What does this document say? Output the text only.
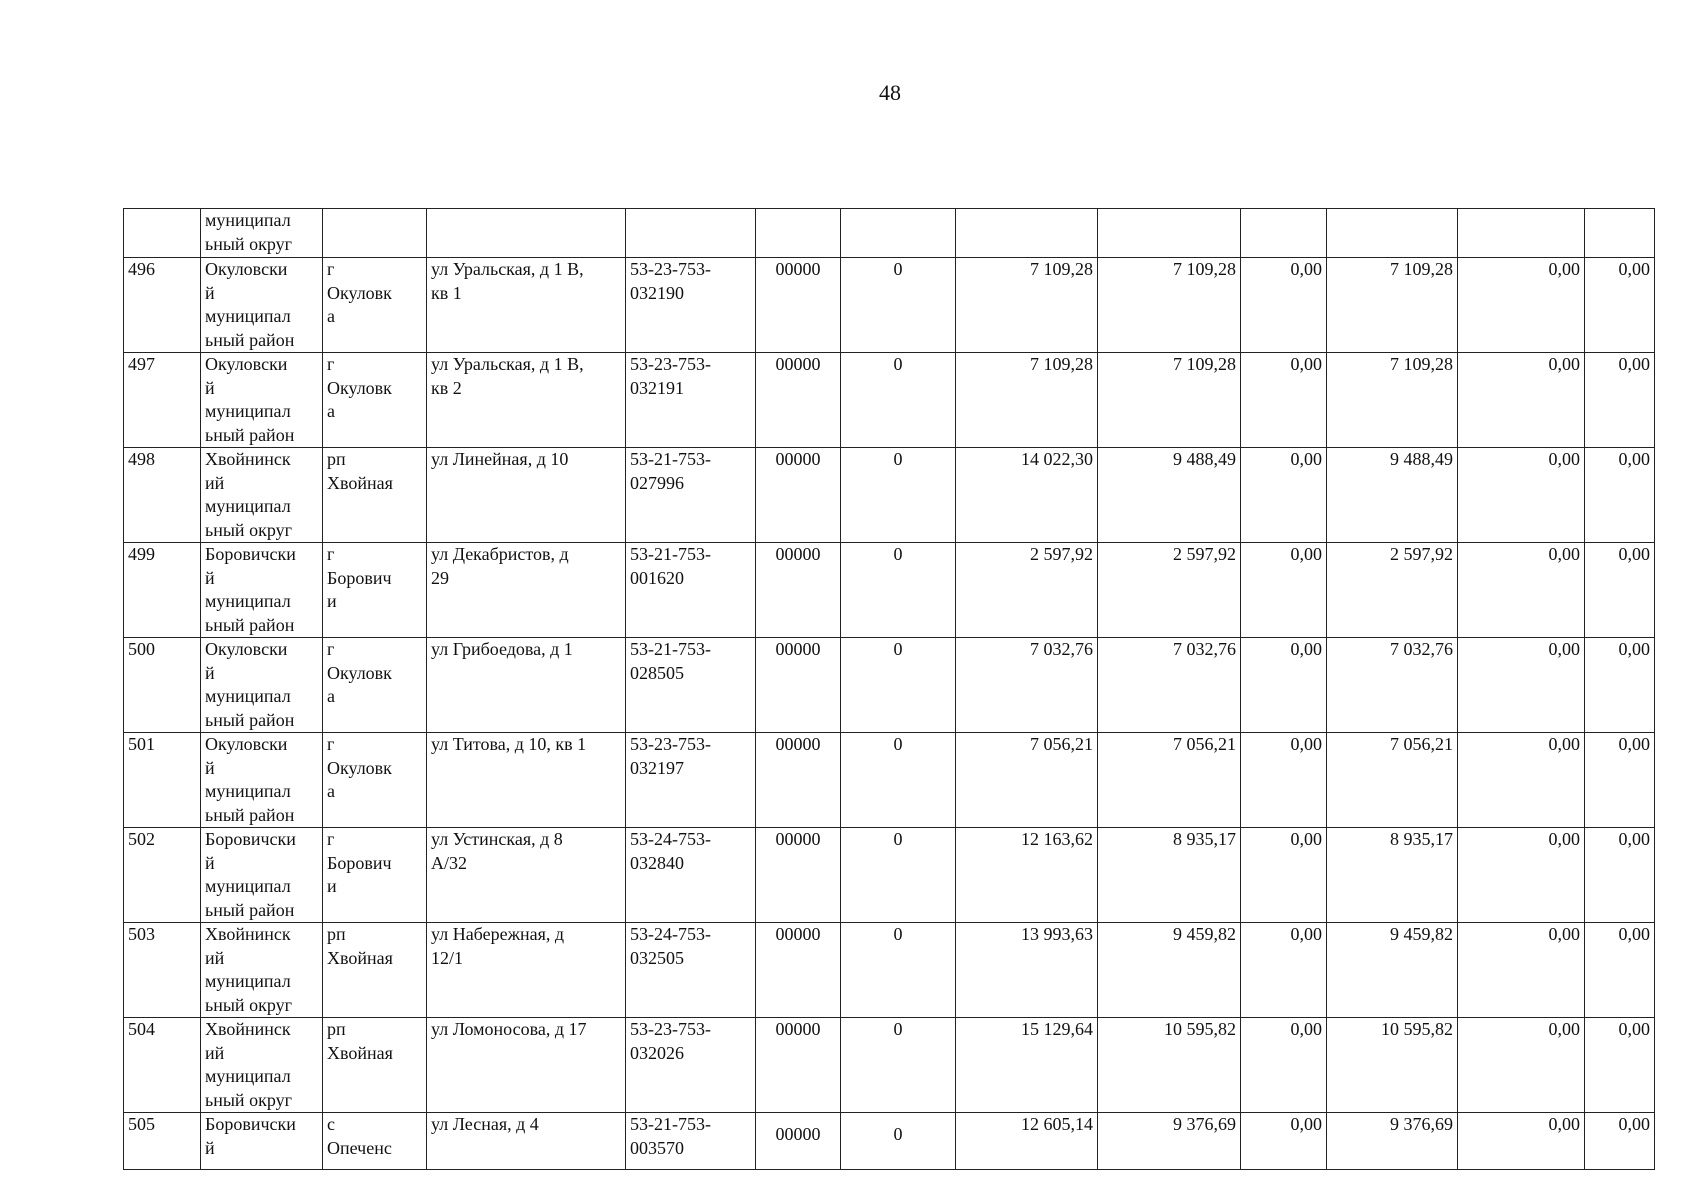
48
	муниципал
ьный округ											
496	Окуловски
й
муниципал
ьный район	г
Окуловк
а	ул Уральская, д 1 В,
кв 1	53-23-753-
032190	00000	0	7 109,28	7 109,28	0,00	7 109,28	0,00	0,00
497	Окуловски
й
муниципал
ьный район	г
Окуловк
а	ул Уральская, д 1 В,
кв 2	53-23-753-
032191	00000	0	7 109,28	7 109,28	0,00	7 109,28	0,00	0,00
498	Хвойнинск
ий
муниципал
ьный округ	рп
Хвойная	ул Линейная, д 10	53-21-753-
027996	00000	0	14 022,30	9 488,49	0,00	9 488,49	0,00	0,00
499	Боровичски
й
муниципал
ьный район	г
Борович
и	ул Декабристов, д
29	53-21-753-
001620	00000	0	2 597,92	2 597,92	0,00	2 597,92	0,00	0,00
500	Окуловски
й
муниципал
ьный район	г
Окуловк
а	ул Грибоедова, д 1	53-21-753-
028505	00000	0	7 032,76	7 032,76	0,00	7 032,76	0,00	0,00
501	Окуловски
й
муниципал
ьный район	г
Окуловк
а	ул Титова, д 10, кв 1	53-23-753-
032197	00000	0	7 056,21	7 056,21	0,00	7 056,21	0,00	0,00
502	Боровичски
й
муниципал
ьный район	г
Борович
и	ул Устинская, д 8
А/32	53-24-753-
032840	00000	0	12 163,62	8 935,17	0,00	8 935,17	0,00	0,00
503	Хвойнинск
ий
муниципал
ьный округ	рп
Хвойная	ул Набережная, д
12/1	53-24-753-
032505	00000	0	13 993,63	9 459,82	0,00	9 459,82	0,00	0,00
504	Хвойнинск
ий
муниципал
ьный округ	рп
Хвойная	ул Ломоносова, д 17	53-23-753-
032026	00000	0	15 129,64	10 595,82	0,00	10 595,82	0,00	0,00
505	Боровичски
й	с
Опеченс	ул Лесная, д 4	53-21-753-
003570	00000	0	12 605,14	9 376,69	0,00	9 376,69	0,00	0,00
